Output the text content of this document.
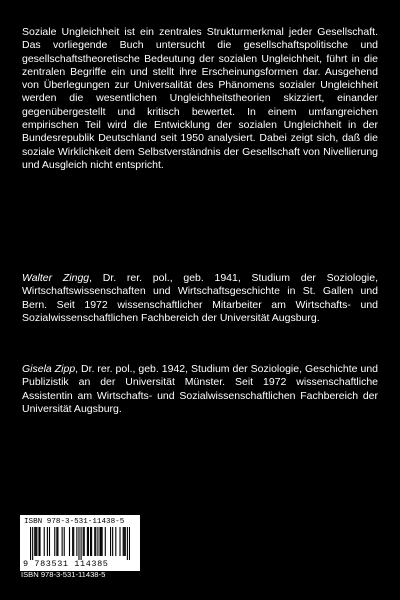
Soziale Ungleichheit ist ein zentrales Strukturmerkmal jeder Gesellschaft. Das vorliegende Buch untersucht die gesellschaftspolitische und gesellschaftstheoretische Bedeutung der sozialen Ungleichheit, führt in die zentralen Begriffe ein und stellt ihre Erscheinungsformen dar. Ausgehend von Überlegungen zur Universalität des Phänomens sozialer Ungleichheit werden die wesentlichen Ungleichheitstheorien skizziert, einander gegenübergestellt und kritisch bewertet. In einem umfangreichen empirischen Teil wird die Entwicklung der sozialen Ungleichheit in der Bundesrepublik Deutschland seit 1950 analysiert. Dabei zeigt sich, daß die soziale Wirklichkeit dem Selbstverständnis der Gesellschaft von Nivellierung und Ausgleich nicht entspricht.

Walter Zingg, Dr. rer. pol., geb. 1941, Studium der Soziologie, Wirtschaftswissenschaften und Wirtschaftsgeschichte in St. Gallen und Bern. Seit 1972 wissenschaftlicher Mitarbeiter am Wirtschafts- und Sozialwissenschaftlichen Fachbereich der Universität Augsburg.

Gisela Zipp, Dr. rer. pol., geb. 1942, Studium der Soziologie, Geschichte und Publizistik an der Universität Münster. Seit 1972 wissenschaftliche Assistentin am Wirtschafts- und Sozialwissenschaftlichen Fachbereich der Universität Augsburg.

ISBN 978-3-531-11438-5
9 783531 114385
ISBN 978-3-531-11438-5
